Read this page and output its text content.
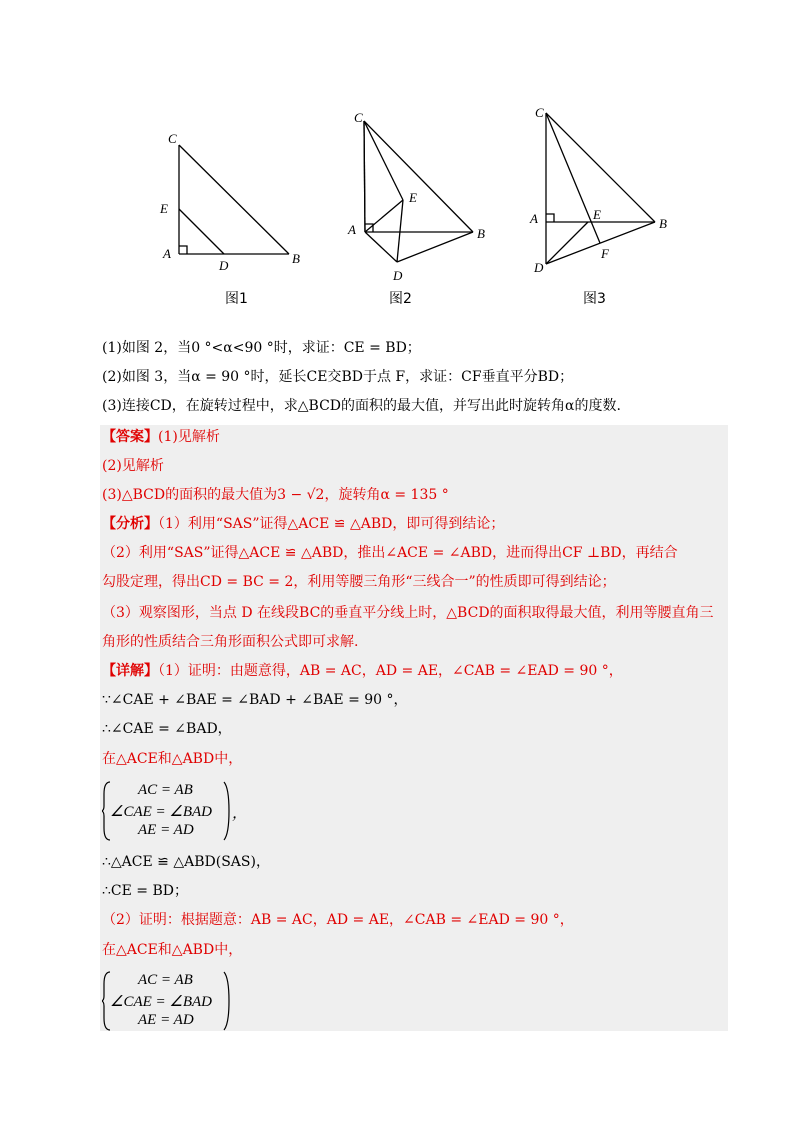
C
E
A
D	B
C
E
A	B
D
C
A	E
B
D
F
图1	图2	图3
(1)如图 2，当0 °<α<90 °时，求证：CE = BD；
(2)如图 3，当α = 90 °时，延长CE交BD于点 F，求证：CF垂直平分BD；
(3)连接CD，在旋转过程中，求△BCD的面积的最大值，并写出此时旋转角α的度数.
【答案】(1)见解析
(2)见解析
(3)△BCD的面积的最大值为3 − √2，旋转角α = 135 °
【分析】（1）利用“SAS”证得△ACE ≌ △ABD，即可得到结论；
（2）利用“SAS”证得△ACE ≌ △ABD，推出∠ACE = ∠ABD，进而得出CF ⊥BD，再结合
勾股定理，得出CD = BC = 2，利用等腰三角形“三线合一”的性质即可得到结论；
（3）观察图形，当点 D 在线段BC的垂直平分线上时，△BCD的面积取得最大值，利用等腰直角三
角形的性质结合三角形面积公式即可求解.
【详解】（1）证明：由题意得，AB = AC，AD = AE，∠CAB = ∠EAD = 90 °，
∵∠CAE + ∠BAE = ∠BAD + ∠BAE = 90 °，
∴∠CAE = ∠BAD，
在△ACE和△ABD中，
AC = AB
∠CAE = ∠BAD
AE = AD
，
∴△ACE ≌ △ABD(SAS)，
∴CE = BD；
（2）证明：根据题意：AB = AC，AD = AE，∠CAB = ∠EAD = 90 °，
在△ACE和△ABD中，
AC = AB
∠CAE = ∠BAD
AE = AD
